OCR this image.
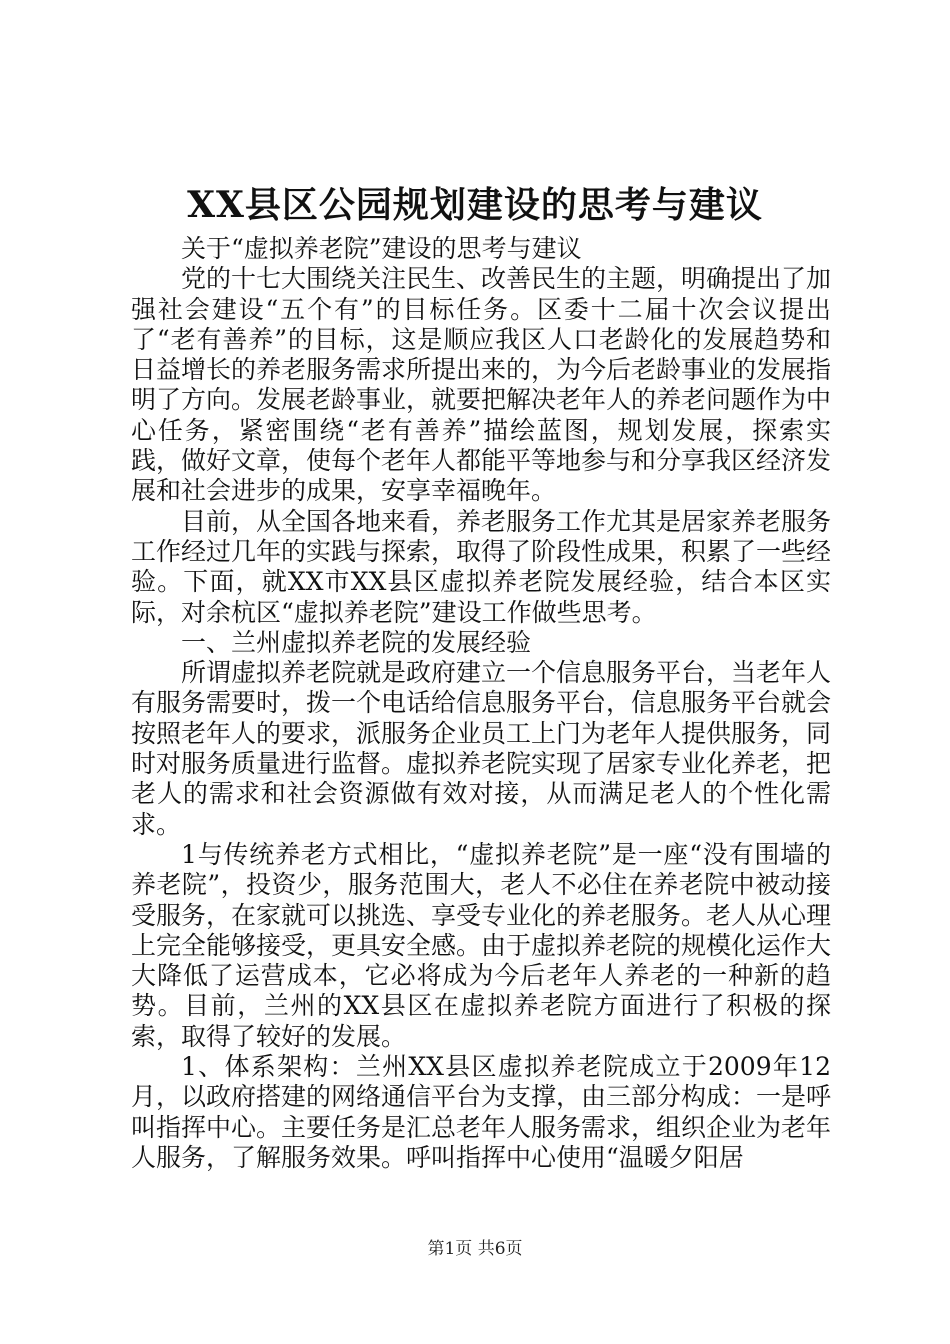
XX县区公园规划建设的思考与建议

关于“虚拟养老院”建设的思考与建议

党的十七大围绕关注民生、改善民生的主题，明确提出了加强社会建设“五个有”的目标任务。区委十二届十次会议提出了“老有善养”的目标，这是顺应我区人口老龄化的发展趋势和日益增长的养老服务需求所提出来的，为今后老龄事业的发展指明了方向。发展老龄事业，就要把解决老年人的养老问题作为中心任务，紧密围绕“老有善养”描绘蓝图，规划发展，探索实践，做好文章，使每个老年人都能平等地参与和分享我区经济发展和社会进步的成果，安享幸福晚年。

目前，从全国各地来看，养老服务工作尤其是居家养老服务工作经过几年的实践与探索，取得了阶段性成果，积累了一些经验。下面，就XX市XX县区虚拟养老院发展经验，结合本区实际，对余杭区“虚拟养老院”建设工作做些思考。

一、兰州虚拟养老院的发展经验

所谓虚拟养老院就是政府建立一个信息服务平台，当老年人有服务需要时，拨一个电话给信息服务平台，信息服务平台就会按照老年人的要求，派服务企业员工上门为老年人提供服务，同时对服务质量进行监督。虚拟养老院实现了居家专业化养老，把老人的需求和社会资源做有效对接，从而满足老人的个性化需求。

1与传统养老方式相比，“虚拟养老院”是一座“没有围墙的养老院”，投资少，服务范围大，老人不必住在养老院中被动接受服务，在家就可以挑选、享受专业化的养老服务。老人从心理上完全能够接受，更具安全感。由于虚拟养老院的规模化运作大大降低了运营成本，它必将成为今后老年人养老的一种新的趋势。目前，兰州的XX县区在虚拟养老院方面进行了积极的探索，取得了较好的发展。

1、体系架构：兰州XX县区虚拟养老院成立于2009年12月，以政府搭建的网络通信平台为支撑，由三部分构成：一是呼叫指挥中心。主要任务是汇总老年人服务需求，组织企业为老年人服务，了解服务效果。呼叫指挥中心使用“温暖夕阳居

第1页 共6页
